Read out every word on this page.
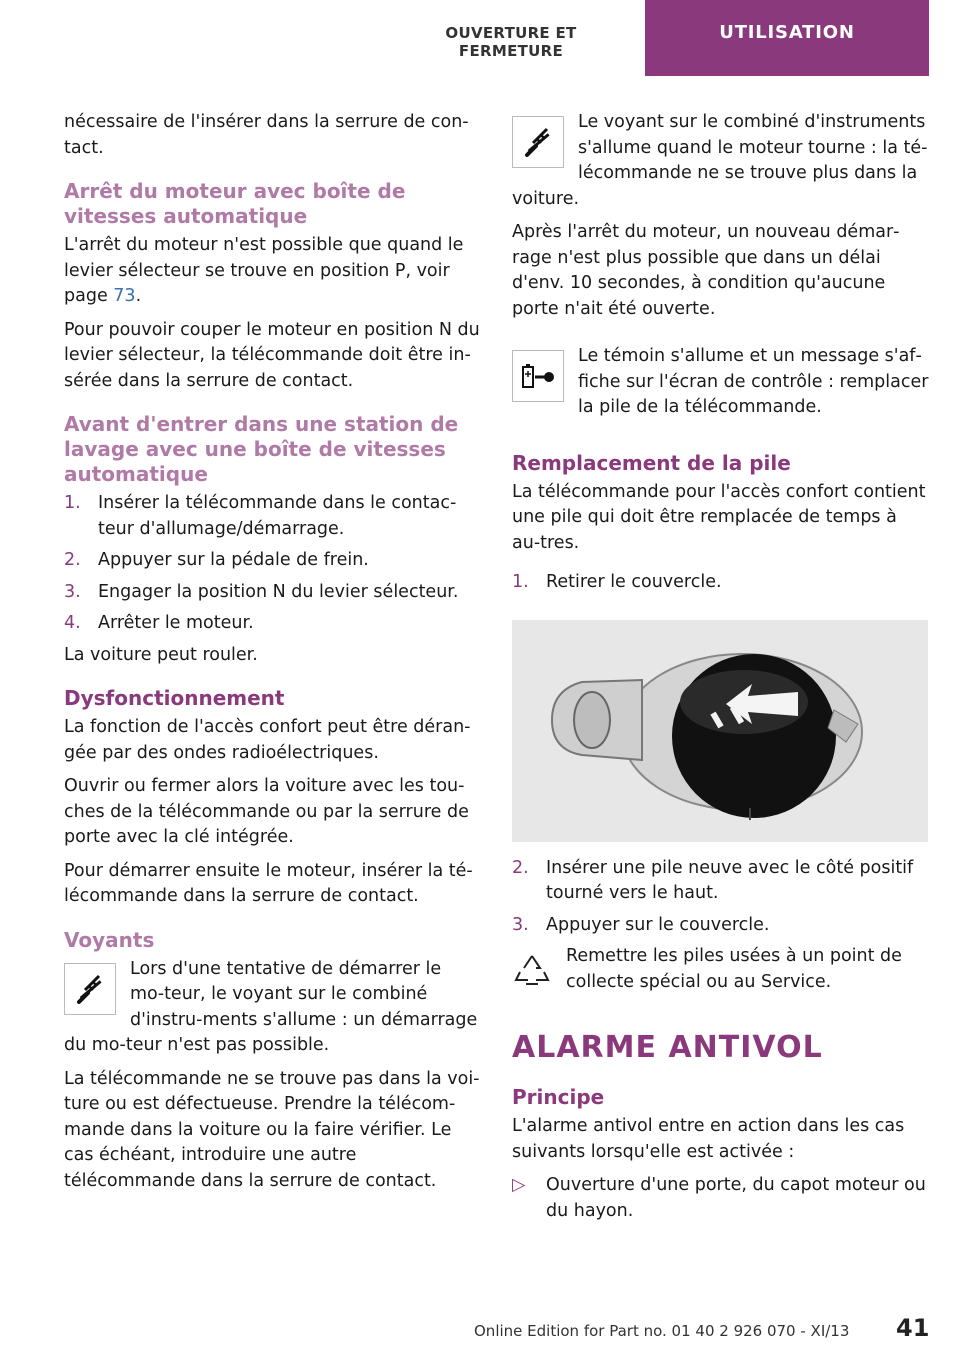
OUVERTURE ET FERMETURE
UTILISATION

nécessaire de l'insérer dans la serrure de con‐tact.

Arrêt du moteur avec boîte de vitesses automatique

L'arrêt du moteur n'est possible que quand le levier sélecteur se trouve en position P, voir page 73.

Pour pouvoir couper le moteur en position N du levier sélecteur, la télécommande doit être in‐sérée dans la serrure de contact.

Avant d'entrer dans une station de lavage avec une boîte de vitesses automatique
1. Insérer la télécommande dans le contac‐teur d'allumage/démarrage.
2. Appuyer sur la pédale de frein.
3. Engager la position N du levier sélecteur.
4. Arrêter le moteur.

La voiture peut rouler.

Dysfonctionnement

La fonction de l'accès confort peut être déran‐gée par des ondes radioélectriques.

Ouvrir ou fermer alors la voiture avec les tou‐ches de la télécommande ou par la serrure de porte avec la clé intégrée.

Pour démarrer ensuite le moteur, insérer la té‐lécommande dans la serrure de contact.

Voyants
Lors d'une tentative de démarrer le mo‐teur, le voyant sur le combiné d'instru‐ments s'allume : un démarrage du mo‐teur n'est pas possible.

La télécommande ne se trouve pas dans la voi‐ture ou est défectueuse. Prendre la télécom‐mande dans la voiture ou la faire vérifier. Le cas échéant, introduire une autre télécommande dans la serrure de contact.

Le voyant sur le combiné d'instruments s'allume quand le moteur tourne : la té‐lécommande ne se trouve plus dans la voiture.

Après l'arrêt du moteur, un nouveau démar‐rage n'est plus possible que dans un délai d'env. 10 secondes, à condition qu'aucune porte n'ait été ouverte.

Le témoin s'allume et un message s'af‐fiche sur l'écran de contrôle : remplacer la pile de la télécommande.
Remplacement de la pile

La télécommande pour l'accès confort contient une pile qui doit être remplacée de temps à au‐tres.

1. Retirer le couvercle.
2. Insérer une pile neuve avec le côté positif tourné vers le haut.
3. Appuyer sur le couvercle.
Remettre les piles usées à un point de collecte spécial ou au Service.
ALARME ANTIVOL
Principe

L'alarme antivol entre en action dans les cas suivants lorsqu'elle est activée :

▷ Ouverture d'une porte, du capot moteur ou du hayon.
Online Edition for Part no. 01 40 2 926 070 - XI/13 41
